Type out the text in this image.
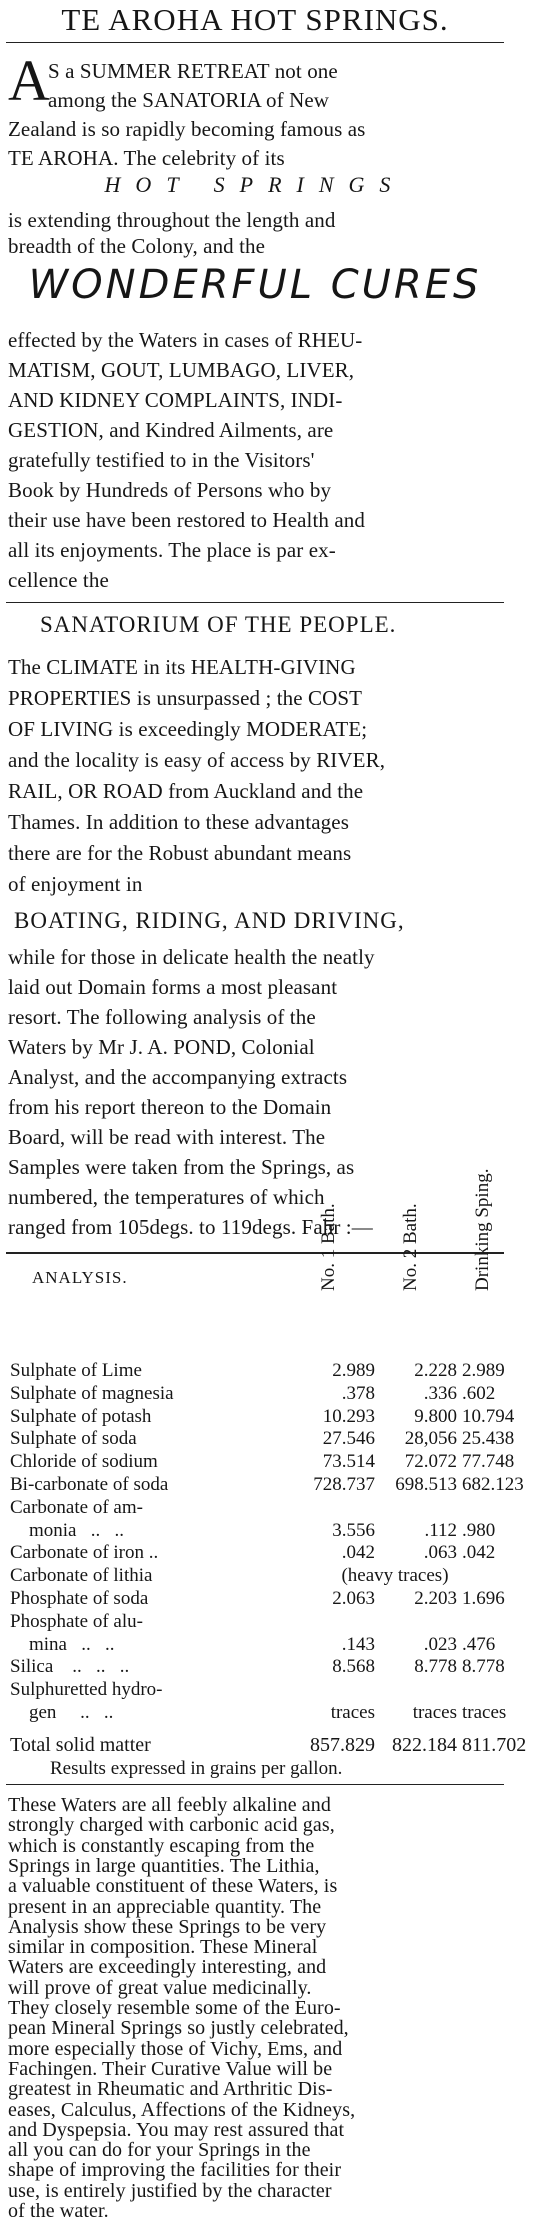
TE AROHA HOT SPRINGS.
A
S a SUMMER RETREAT not one
among the SANATORIA of New
Zealand is so rapidly becoming famous as
TE AROHA. The celebrity of its
HOT SPRINGS
is extending throughout the length and
breadth of the Colony, and the
WONDERFUL CURES
effected by the Waters in cases of RHEU-
MATISM, GOUT, LUMBAGO, LIVER,
AND KIDNEY COMPLAINTS, INDI-
GESTION, and Kindred Ailments, are
gratefully testified to in the Visitors'
Book by Hundreds of Persons who by
their use have been restored to Health and
all its enjoyments. The place is par ex-
cellence the
SANATORIUM OF THE PEOPLE.
The CLIMATE in its HEALTH-GIVING
PROPERTIES is unsurpassed ; the COST
OF LIVING is exceedingly MODERATE;
and the locality is easy of access by RIVER,
RAIL, OR ROAD from Auckland and the
Thames. In addition to these advantages
there are for the Robust abundant means
of enjoyment in
BOATING, RIDING, AND DRIVING,
while for those in delicate health the neatly
laid out Domain forms a most pleasant
resort. The following analysis of the
Waters by Mr J. A. POND, Colonial
Analyst, and the accompanying extracts
from his report thereon to the Domain
Board, will be read with interest. The
Samples were taken from the Springs, as
numbered, the temperatures of which
ranged from 105degs. to 119degs. Fahr :—
ANALYSIS.	No. 1 Bath.	No. 2 Bath.	Drinking Sping.
Sulphate of Lime	2.989	2.228 2.989
Sulphate of magnesia	.378	.336 .602
Sulphate of potash	10.293	9.800 10.794
Sulphate of soda	27.546	28,056 25.438
Chloride of sodium	73.514	72.072 77.748
Bi-carbonate of soda	728.737	698.513 682.123
Carbonate of am-
monia   ..   ..	3.556	.112 .980
Carbonate of iron ..	.042	.063 .042
Carbonate of lithia	(heavy traces)
Phosphate of soda	2.063	2.203 1.696
Phosphate of alu-
mina   ..   ..	.143	.023 .476
Silica    ..   ..   ..	8.568	8.778 8.778
Sulphuretted hydro-
gen     ..   ..	traces	traces traces
Total solid matter	857.829 822.184 811.702
Results expressed in grains per gallon.
These Waters are all feebly alkaline and
strongly charged with carbonic acid gas,
which is constantly escaping from the
Springs in large quantities. The Lithia,
a valuable constituent of these Waters, is
present in an appreciable quantity. The
Analysis show these Springs to be very
similar in composition. These Mineral
Waters are exceedingly interesting, and
will prove of great value medicinally.
They closely resemble some of the Euro-
pean Mineral Springs so justly celebrated,
more especially those of Vichy, Ems, and
Fachingen. Their Curative Value will be
greatest in Rheumatic and Arthritic Dis-
eases, Calculus, Affections of the Kidneys,
and Dyspepsia. You may rest assured that
all you can do for your Springs in the
shape of improving the facilities for their
use, is entirely justified by the character
of the water.
